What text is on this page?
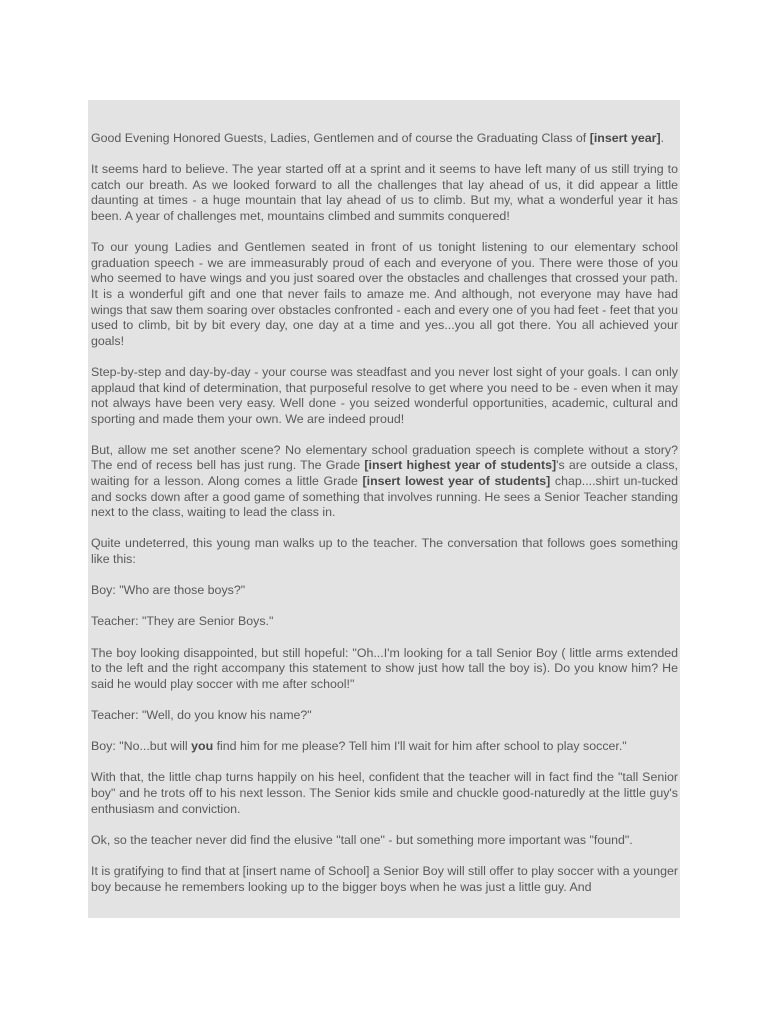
Good Evening Honored Guests, Ladies, Gentlemen and of course the Graduating Class of [insert year].

It seems hard to believe. The year started off at a sprint and it seems to have left many of us still trying to catch our breath. As we looked forward to all the challenges that lay ahead of us, it did appear a little daunting at times - a huge mountain that lay ahead of us to climb. But my, what a wonderful year it has been. A year of challenges met, mountains climbed and summits conquered!

To our young Ladies and Gentlemen seated in front of us tonight listening to our elementary school graduation speech - we are immeasurably proud of each and everyone of you. There were those of you who seemed to have wings and you just soared over the obstacles and challenges that crossed your path. It is a wonderful gift and one that never fails to amaze me. And although, not everyone may have had wings that saw them soaring over obstacles confronted - each and every one of you had feet - feet that you used to climb, bit by bit every day, one day at a time and yes...you all got there. You all achieved your goals!

Step-by-step and day-by-day - your course was steadfast and you never lost sight of your goals. I can only applaud that kind of determination, that purposeful resolve to get where you need to be - even when it may not always have been very easy. Well done - you seized wonderful opportunities, academic, cultural and sporting and made them your own. We are indeed proud!

But, allow me set another scene? No elementary school graduation speech is complete without a story? The end of recess bell has just rung. The Grade [insert highest year of students]'s are outside a class, waiting for a lesson. Along comes a little Grade [insert lowest year of students] chap....shirt un-tucked and socks down after a good game of something that involves running. He sees a Senior Teacher standing next to the class, waiting to lead the class in.

Quite undeterred, this young man walks up to the teacher. The conversation that follows goes something like this:

Boy: "Who are those boys?"

Teacher: "They are Senior Boys."

The boy looking disappointed, but still hopeful: "Oh...I'm looking for a tall Senior Boy ( little arms extended to the left and the right accompany this statement to show just how tall the boy is). Do you know him? He said he would play soccer with me after school!"

Teacher: "Well, do you know his name?"

Boy: "No...but will you find him for me please? Tell him I'll wait for him after school to play soccer."

With that, the little chap turns happily on his heel, confident that the teacher will in fact find the "tall Senior boy" and he trots off to his next lesson. The Senior kids smile and chuckle good-naturedly at the little guy's enthusiasm and conviction.

Ok, so the teacher never did find the elusive "tall one" - but something more important was "found".

It is gratifying to find that at [insert name of School] a Senior Boy will still offer to play soccer with a younger boy because he remembers looking up to the bigger boys when he was just a little guy. And
